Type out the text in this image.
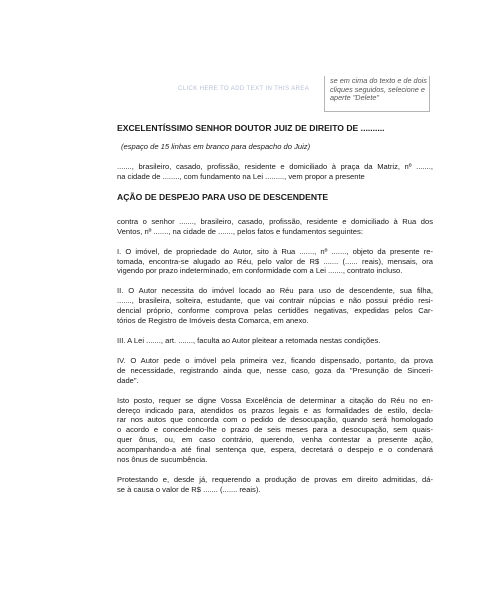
CLICK HERE TO ADD TEXT IN THIS AREA
se em cima do texto e de dois
cliques seguidos, selecione e
aperte "Delete"

EXCELENTÍSSIMO SENHOR DOUTOR JUIZ DE DIREITO DE ..........

(espaço de 15 linhas em branco para despacho do Juiz)

......., brasileiro, casado, profissão, residente e domiciliado à praça da Matriz, nº .......,
na cidade de ........, com fundamento na Lei ........., vem propor a presente

AÇÃO DE DESPEJO PARA USO DE DESCENDENTE

contra o senhor ......., brasileiro, casado, profissão, residente e domiciliado à Rua dos
Ventos, nº ......., na cidade de ......., pelos fatos e fundamentos seguintes:

I. O imóvel, de propriedade do Autor, sito à Rua ......., nº ......., objeto da presente re-
tomada, encontra-se alugado ao Réu, pelo valor de R$ ....... (...... reais), mensais, ora
vigendo por prazo indeterminado, em conformidade com a Lei ......., contrato incluso.

II. O Autor necessita do imóvel locado ao Réu para uso de descendente, sua filha,
......., brasileira, solteira, estudante, que vai contrair núpcias e não possui prédio resi-
dencial próprio, conforme comprova pelas certidões negativas, expedidas pelos Car-
tórios de Registro de Imóveis desta Comarca, em anexo.

III. A Lei ......., art. ......., faculta ao Autor pleitear a retomada nestas condições.

IV. O Autor pede o imóvel pela primeira vez, ficando dispensado, portanto, da prova
de necessidade, registrando ainda que, nesse caso, goza da "Presunção de Sinceri-
dade".

Isto posto, requer se digne Vossa Excelência de determinar a citação do Réu no en-
dereço indicado para, atendidos os prazos legais e as formalidades de estilo, decla-
rar nos autos que concorda com o pedido de desocupação, quando será homologado
o acordo e concedendo-lhe o prazo de seis meses para a desocupação, sem quais-
quer ônus, ou, em caso contrário, querendo, venha contestar a presente ação,
acompanhando-a até final sentença que, espera, decretará o despejo e o condenará
nos ônus de sucumbência.

Protestando e, desde já, requerendo a produção de provas em direito admitidas, dá-
se à causa o valor de R$ ....... (....... reais).
